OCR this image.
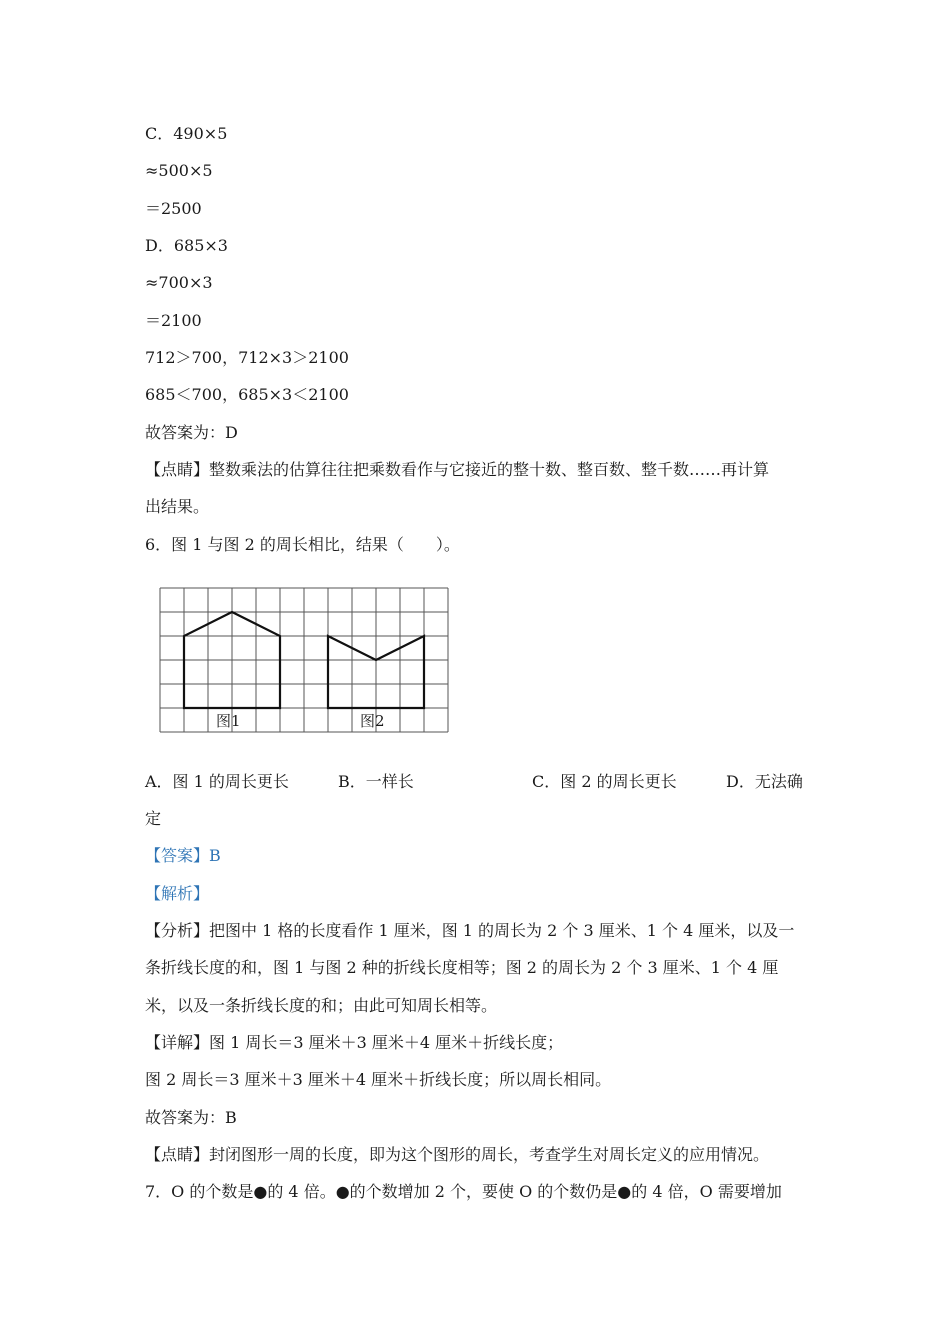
C．490×5
≈500×5
＝2500
D．685×3
≈700×3
＝2100
712＞700，712×3＞2100
685＜700，685×3＜2100
故答案为：D
【点睛】整数乘法的估算往往把乘数看作与它接近的整十数、整百数、整千数……再计算
出结果。
6．图 1 与图 2 的周长相比，结果（　　）。
图1	图2
A．图 1 的周长更长	B．一样长	C．图 2 的周长更长	D．无法确
定
【答案】B
【解析】
【分析】把图中 1 格的长度看作 1 厘米，图 1 的周长为 2 个 3 厘米、1 个 4 厘米，以及一
条折线长度的和，图 1 与图 2 种的折线长度相等；图 2 的周长为 2 个 3 厘米、1 个 4 厘
米，以及一条折线长度的和；由此可知周长相等。
【详解】图 1 周长＝3 厘米＋3 厘米＋4 厘米＋折线长度；
图 2 周长＝3 厘米＋3 厘米＋4 厘米＋折线长度；所以周长相同。
故答案为：B
【点睛】封闭图形一周的长度，即为这个图形的周长，考查学生对周长定义的应用情况。
7．O 的个数是●的 4 倍。●的个数增加 2 个，要使 O 的个数仍是●的 4 倍，O 需要增加
